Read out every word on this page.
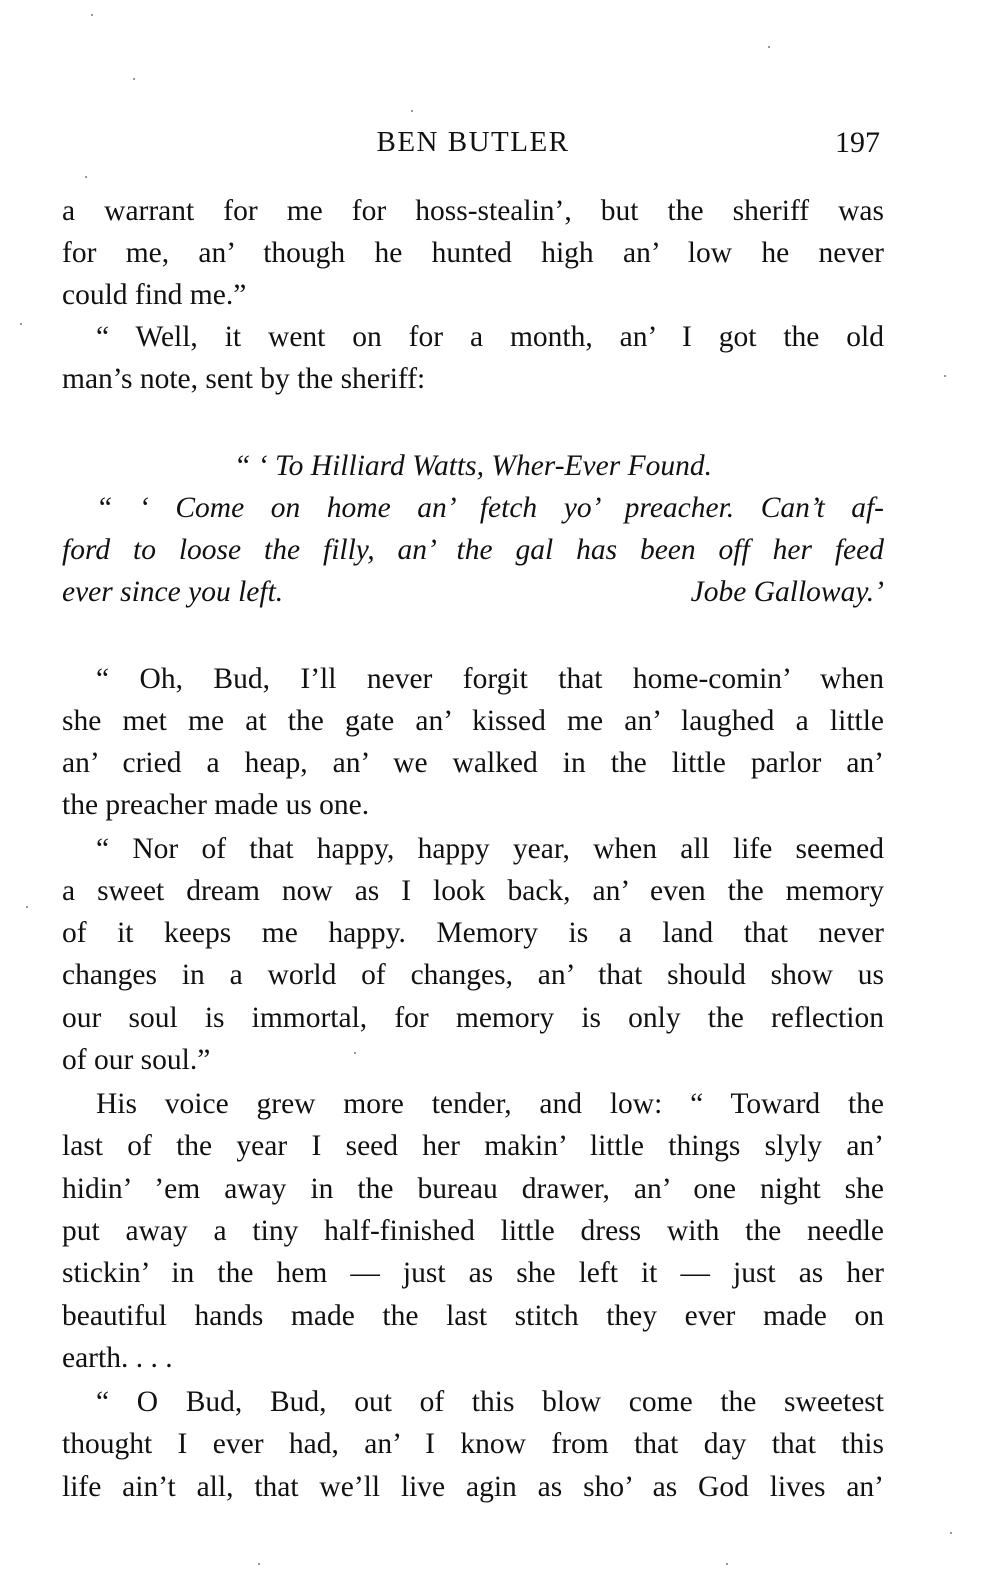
BEN BUTLER	197
a warrant for me for hoss-stealin’, but the sheriff was
for me, an’ though he hunted high an’ low he never
could find me.”
“ Well, it went on for a month, an’ I got the old
man’s note, sent by the sheriff:
“ ‘ To Hilliard Watts, Wher-Ever Found.
“ ‘ Come on home an’ fetch yo’ preacher. Can’t af-
ford to loose the filly, an’ the gal has been off her feed
ever since you left.	Jobe Galloway.’
“ Oh, Bud, I’ll never forgit that home-comin’ when
she met me at the gate an’ kissed me an’ laughed a little
an’ cried a heap, an’ we walked in the little parlor an’
the preacher made us one.
“ Nor of that happy, happy year, when all life seemed
a sweet dream now as I look back, an’ even the memory
of it keeps me happy. Memory is a land that never
changes in a world of changes, an’ that should show us
our soul is immortal, for memory is only the reflection
of our soul.”
His voice grew more tender, and low: “ Toward the
last of the year I seed her makin’ little things slyly an’
hidin’ ’em away in the bureau drawer, an’ one night she
put away a tiny half-finished little dress with the needle
stickin’ in the hem — just as she left it — just as her
beautiful hands made the last stitch they ever made on
earth. . . .
“ O Bud, Bud, out of this blow come the sweetest
thought I ever had, an’ I know from that day that this
life ain’t all, that we’ll live agin as sho’ as God lives an’
